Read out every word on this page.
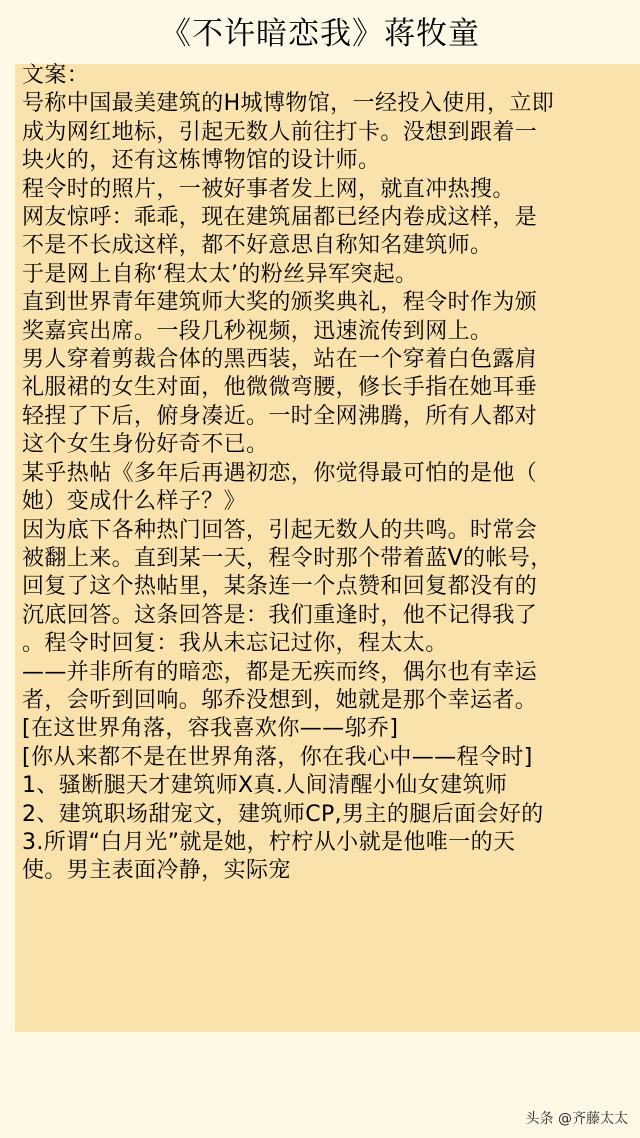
《不许暗恋我》蒋牧童
文案：
号称中国最美建筑的H城博物馆，一经投入使用，立即
成为网红地标，引起无数人前往打卡。没想到跟着一
块火的，还有这栋博物馆的设计师。
程令时的照片，一被好事者发上网，就直冲热搜。
网友惊呼：乖乖，现在建筑届都已经内卷成这样，是
不是不长成这样，都不好意思自称知名建筑师。
于是网上自称‘程太太’的粉丝异军突起。
直到世界青年建筑师大奖的颁奖典礼，程令时作为颁
奖嘉宾出席。一段几秒视频，迅速流传到网上。
男人穿着剪裁合体的黑西装，站在一个穿着白色露肩
礼服裙的女生对面，他微微弯腰，修长手指在她耳垂
轻捏了下后，俯身凑近。一时全网沸腾，所有人都对
这个女生身份好奇不已。
某乎热帖《多年后再遇初恋，你觉得最可怕的是他（
她）变成什么样子？》
因为底下各种热门回答，引起无数人的共鸣。时常会
被翻上来。直到某一天，程令时那个带着蓝V的帐号，
回复了这个热帖里，某条连一个点赞和回复都没有的
沉底回答。这条回答是：我们重逢时，他不记得我了
。程令时回复：我从未忘记过你，程太太。
——并非所有的暗恋，都是无疾而终，偶尔也有幸运
者，会听到回响。邬乔没想到，她就是那个幸运者。
[在这世界角落，容我喜欢你——邬乔]
[你从来都不是在世界角落，你在我心中——程令时]
1、骚断腿天才建筑师X真.人间清醒小仙女建筑师
2、建筑职场甜宠文，建筑师CP,男主的腿后面会好的
3.所谓“白月光”就是她，柠柠从小就是他唯一的天
使。男主表面冷静，实际宠
头条 @齐藤太太
